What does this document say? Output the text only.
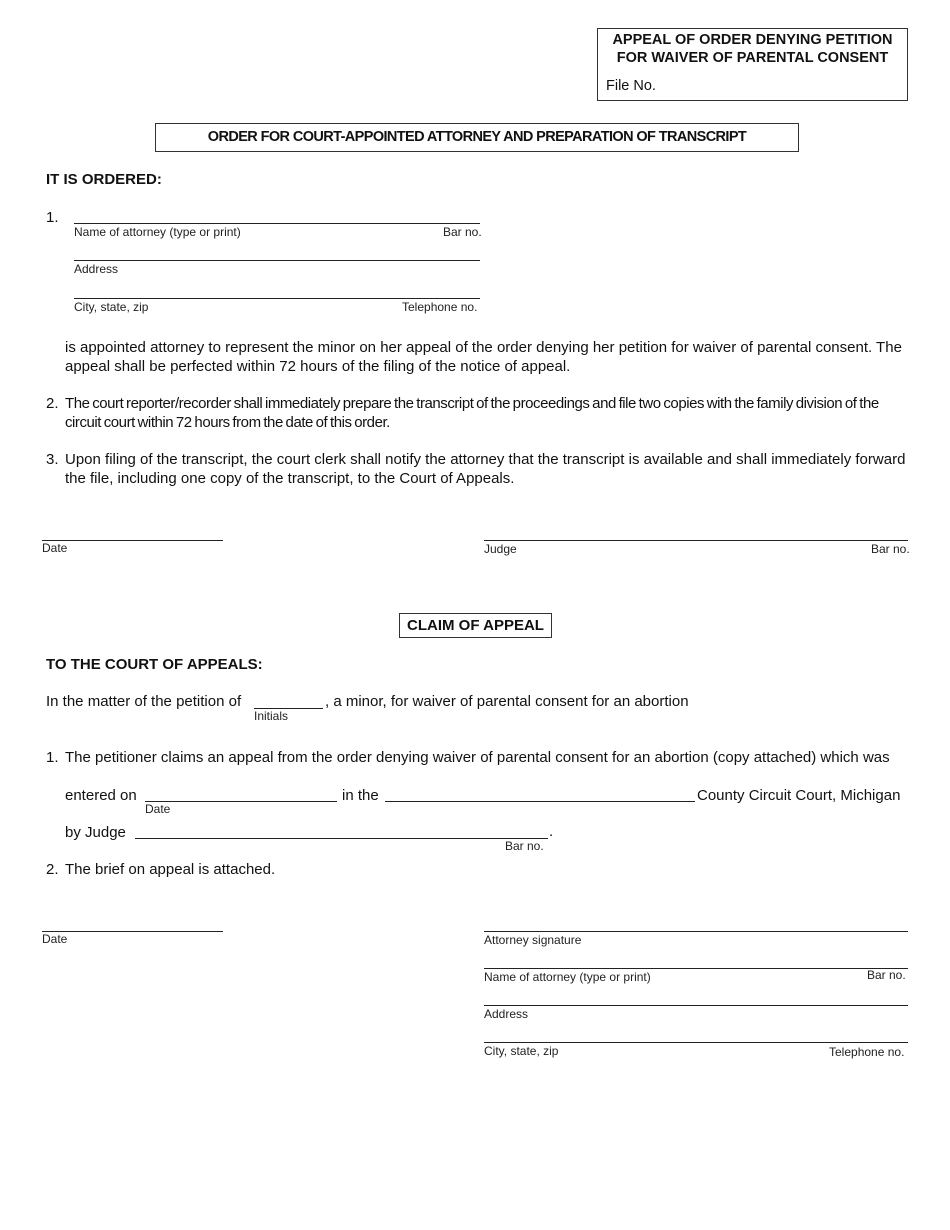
APPEAL OF ORDER DENYING PETITION
FOR WAIVER OF PARENTAL CONSENT
File No.
ORDER FOR COURT-APPOINTED ATTORNEY AND PREPARATION OF TRANSCRIPT
IT IS ORDERED:
1.
Name of attorney (type or print)	Bar no.
Address
City, state, zip	Telephone no.
is appointed attorney to represent the minor on her appeal of the order denying her petition for waiver of parental consent. The appeal shall be perfected within 72 hours of the filing of the notice of appeal.
2. The court reporter/recorder shall immediately prepare the transcript of the proceedings and file two copies with the family division of the circuit court within 72 hours from the date of this order.
3. Upon filing of the transcript, the court clerk shall notify the attorney that the transcript is available and shall immediately forward the file, including one copy of the transcript, to the Court of Appeals.
Date	Judge	Bar no.
CLAIM OF APPEAL
TO THE COURT OF APPEALS:
In the matter of the petition of
Initials
, a minor, for waiver of parental consent for an abortion
1. The petitioner claims an appeal from the order denying waiver of parental consent for an abortion (copy attached) which was
entered on
Date
in the	County Circuit Court, Michigan
by Judge	.
Bar no.
2. The brief on appeal is attached.
Date	Attorney signature
Name of attorney (type or print)	Bar no.
Address
City, state, zip	Telephone no.
